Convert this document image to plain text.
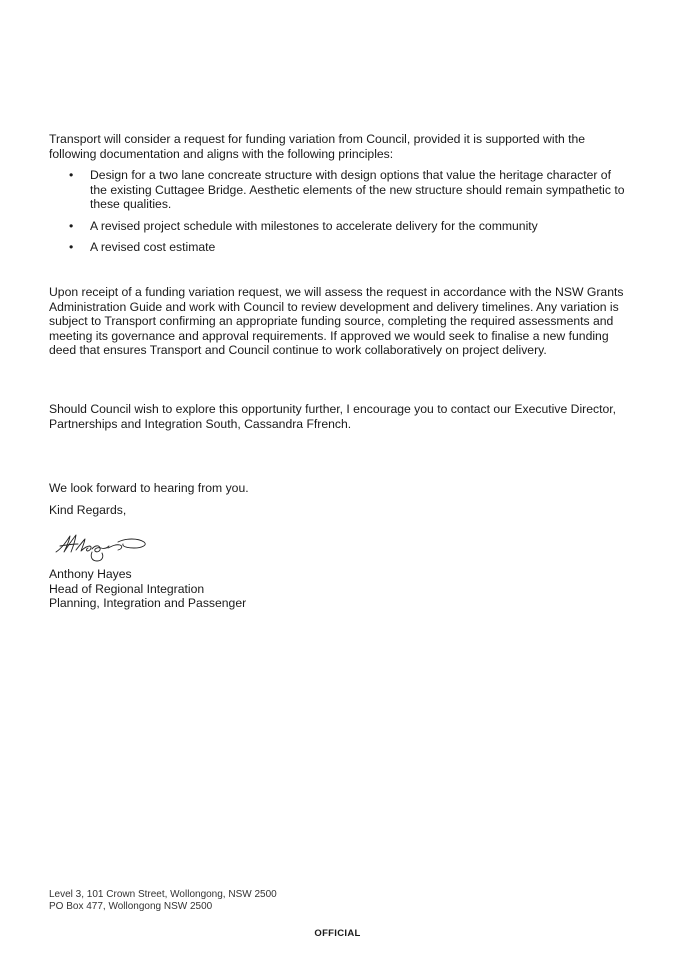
Transport will consider a request for funding variation from Council, provided it is supported with the following documentation and aligns with the following principles:

• Design for a two lane concreate structure with design options that value the heritage character of the existing Cuttagee Bridge. Aesthetic elements of the new structure should remain sympathetic to these qualities.
• A revised project schedule with milestones to accelerate delivery for the community
• A revised cost estimate

Upon receipt of a funding variation request, we will assess the request in accordance with the NSW Grants Administration Guide and work with Council to review development and delivery timelines. Any variation is subject to Transport confirming an appropriate funding source, completing the required assessments and meeting its governance and approval requirements. If approved we would seek to finalise a new funding deed that ensures Transport and Council continue to work collaboratively on project delivery.

Should Council wish to explore this opportunity further, I encourage you to contact our Executive Director, Partnerships and Integration South, Cassandra Ffrench.

We look forward to hearing from you.

Kind Regards,

Anthony Hayes
Head of Regional Integration
Planning, Integration and Passenger
Level 3, 101 Crown Street, Wollongong, NSW 2500
PO Box 477, Wollongong NSW 2500
OFFICIAL
